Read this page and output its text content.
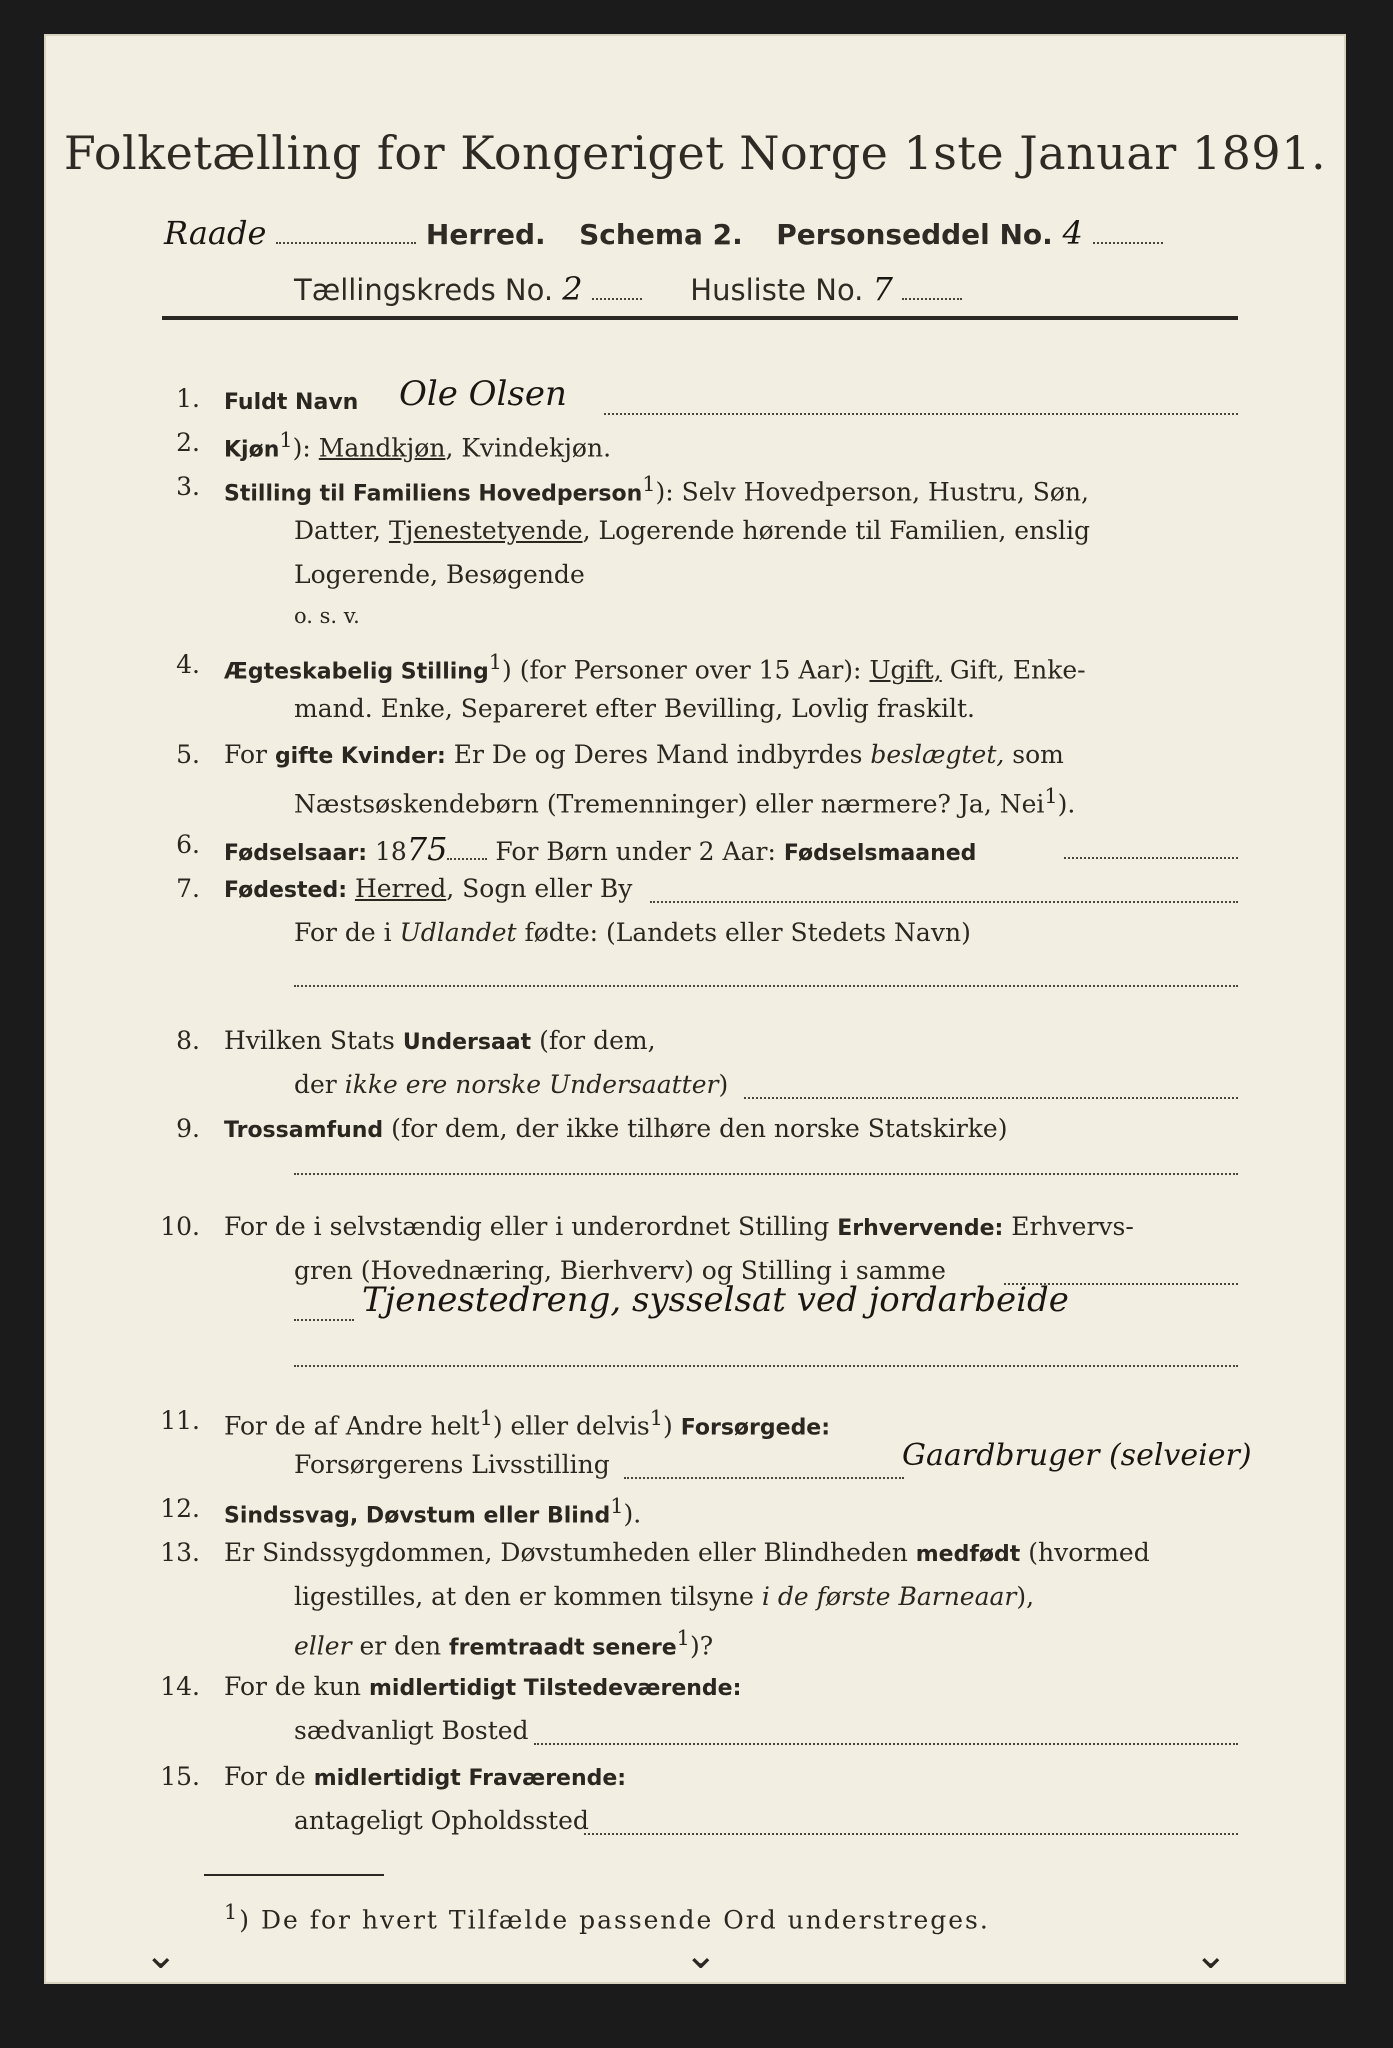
Folketælling for Kongeriget Norge 1ste Januar 1891.
Raade	Herred. Schema 2. Personseddel No. 4
Tællingskreds No. 2	Husliste No. 7
1. Fuldt Navn Ole Olsen
2. Kjøn$^1$): Mandkjøn, Kvindekjøn.
3. Stilling til Familiens Hovedperson$^1$): Selv Hovedperson, Hustru, Søn,
Datter, Tjenestetyende, Logerende hørende til Familien, enslig
Logerende, Besøgende
o. s. v.
4. Ægteskabelig Stilling$^1$) (for Personer over 15 Aar): Ugift, Gift, Enke-
mand. Enke, Separeret efter Bevilling, Lovlig fraskilt.
5. For gifte Kvinder: Er De og Deres Mand indbyrdes beslægtet, som
Næstsøskendebørn (Tremenninger) eller nærmere? Ja, Nei$^1$).
6. Fødselsaar: 1875 For Børn under 2 Aar: Fødselsmaaned
7. Fødested: Herred, Sogn eller By
For de i Udlandet fødte: (Landets eller Stedets Navn)
8. Hvilken Stats Undersaat (for dem,
der ikke ere norske Undersaatter)
9. Trossamfund (for dem, der ikke tilhøre den norske Statskirke)
10. For de i selvstændig eller i underordnet Stilling Erhvervende: Erhvervs-
gren (Hovednæring, Bierhverv) og Stilling i samme
Tjenestedreng, sysselsat ved jordarbeide
11. For de af Andre helt$^1$) eller delvis$^1$) Forsørgede:
Forsørgerens Livsstilling	Gaardbruger (selveier)
12. Sindssvag, Døvstum eller Blind$^1$).
13. Er Sindssygdommen, Døvstumheden eller Blindheden medfødt (hvormed
ligestilles, at den er kommen tilsyne i de første Barneaar),
eller er den fremtraadt senere$^1$)?
14. For de kun midlertidigt Tilstedeværende:
sædvanligt Bosted
15. For de midlertidigt Fraværende:
antageligt Opholdssted
$^1$) De for hvert Tilfælde passende Ord understreges.
⌄	⌄	⌄
